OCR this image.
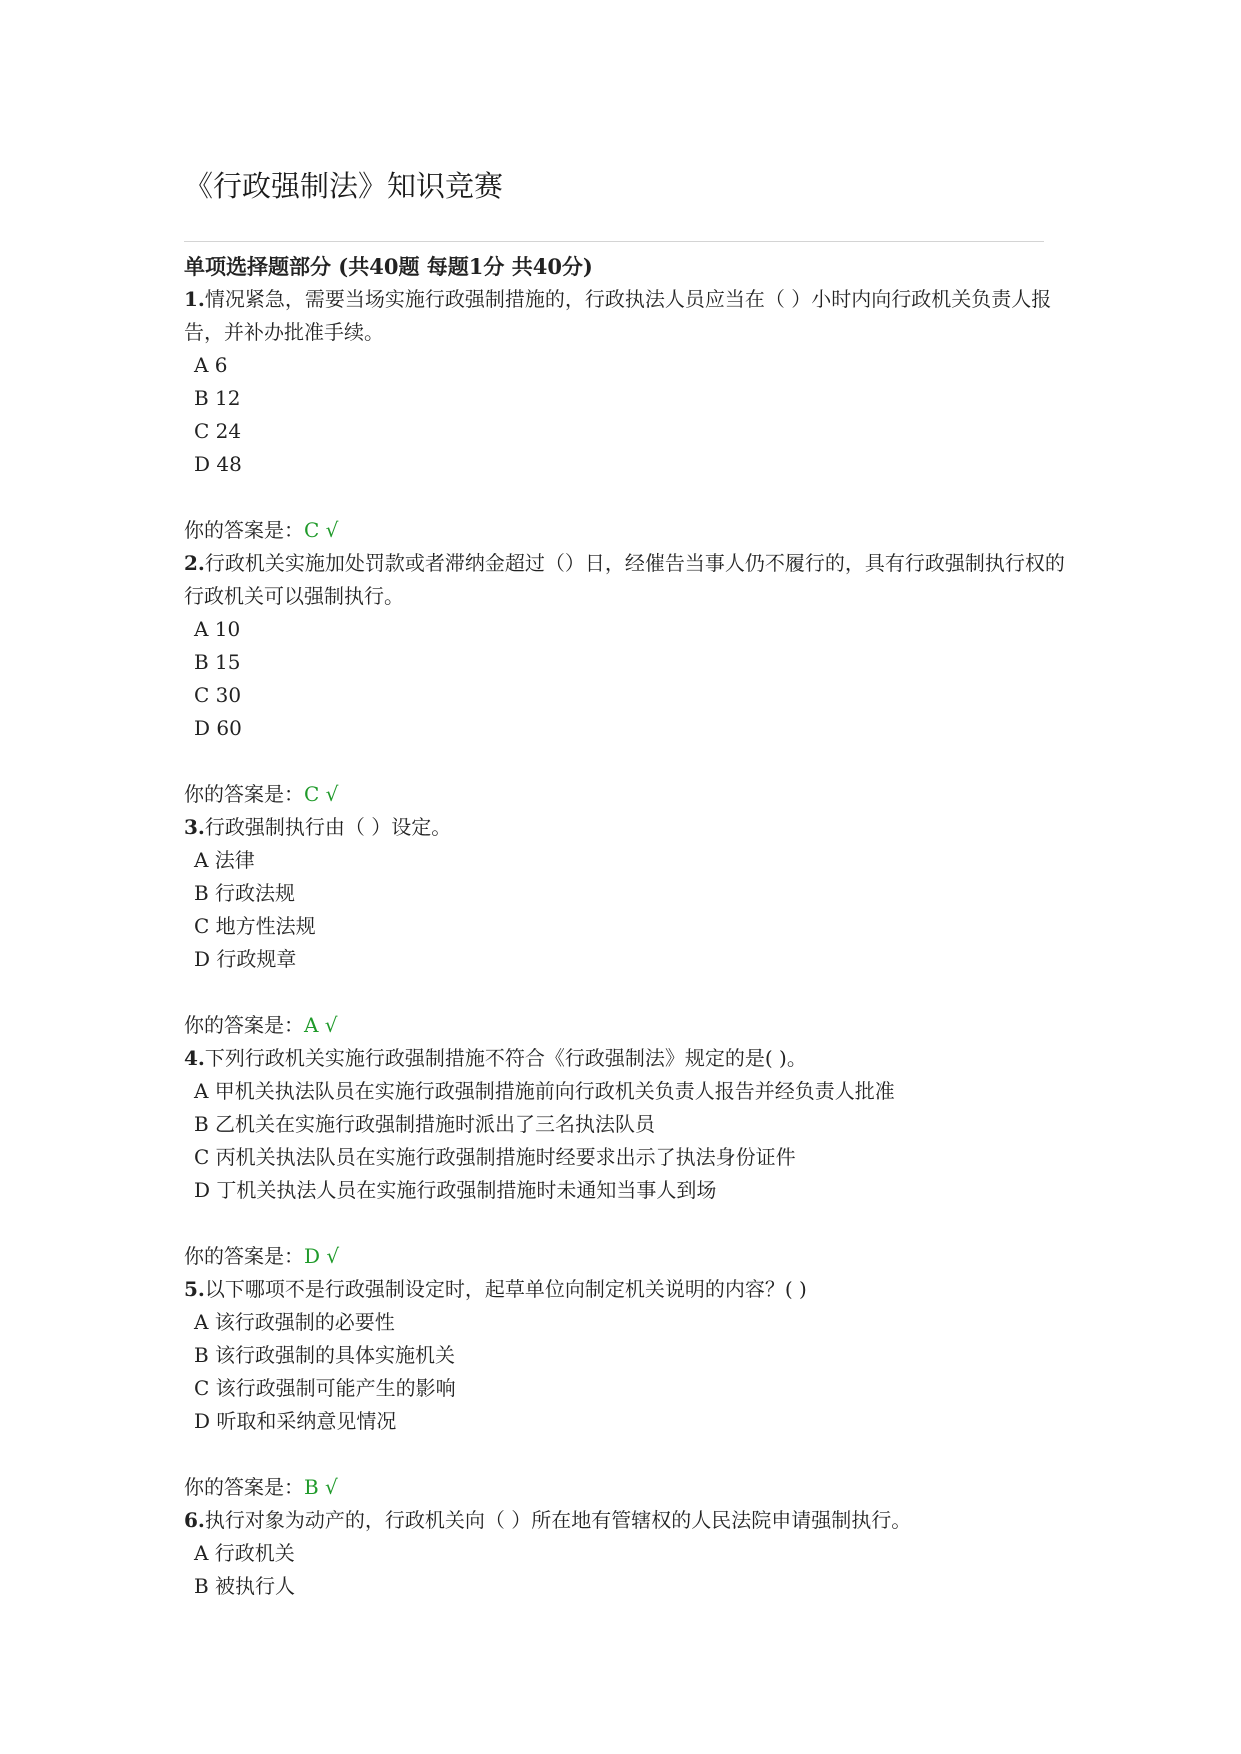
《行政强制法》知识竞赛

单项选择题部分 (共40题 每题1分 共40分)

1.情况紧急，需要当场实施行政强制措施的，行政执法人员应当在（ ）小时内向行政机关负责人报告，并补办批准手续。

A 6
B 12
C 24
D 48
你的答案是：C √

2.行政机关实施加处罚款或者滞纳金超过（）日，经催告当事人仍不履行的，具有行政强制执行权的行政机关可以强制执行。

A 10
B 15
C 30
D 60
你的答案是：C √

3.行政强制执行由（ ）设定。

A 法律
B 行政法规
C 地方性法规
D 行政规章
你的答案是：A √

4.下列行政机关实施行政强制措施不符合《行政强制法》规定的是( )。

A 甲机关执法队员在实施行政强制措施前向行政机关负责人报告并经负责人批准
B 乙机关在实施行政强制措施时派出了三名执法队员
C 丙机关执法队员在实施行政强制措施时经要求出示了执法身份证件
D 丁机关执法人员在实施行政强制措施时未通知当事人到场
你的答案是：D √

5.以下哪项不是行政强制设定时，起草单位向制定机关说明的内容？( )

A 该行政强制的必要性
B 该行政强制的具体实施机关
C 该行政强制可能产生的影响
D 听取和采纳意见情况
你的答案是：B √

6.执行对象为动产的，行政机关向（ ）所在地有管辖权的人民法院申请强制执行。

A 行政机关
B 被执行人
